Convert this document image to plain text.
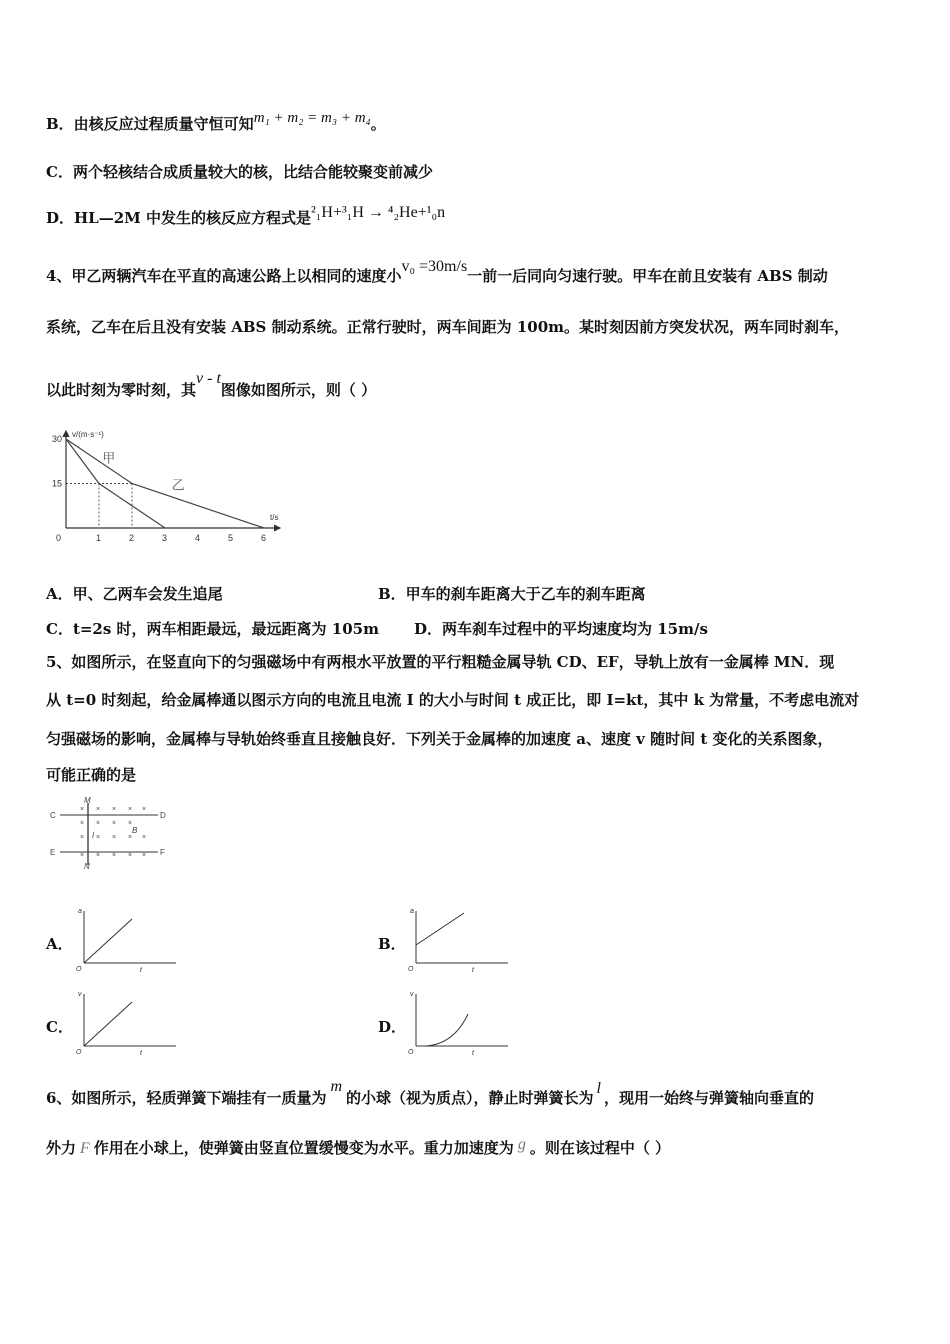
B．由核反应过程质量守恒可知m₁ + m₂ = m₃ + m₄。
C．两个轻核结合成质量较大的核，比结合能较聚变前减少
D．HL—2M 中发生的核反应方程式是²₁H+³₁H → ⁴₂He+¹₀n
4、甲乙两辆汽车在平直的高速公路上以相同的速度小v₀ =30m/s一前一后同向匀速行驶。甲车在前且安装有 ABS 制动
系统，乙车在后且没有安装 ABS 制动系统。正常行驶时，两车间距为 100m。某时刻因前方突发状况，两车同时刹车，
以此时刻为零时刻，其v - t图像如图所示，则（ ）
v/(m·s⁻¹)
t/s
0	1	2	3	4	5	6
15
30
甲
乙
A．甲、乙两车会发生追尾	B．甲车的刹车距离大于乙车的刹车距离
C．t=2s 时，两车相距最远，最远距离为 105m D．两车刹车过程中的平均速度均为 15m/s
5、如图所示，在竖直向下的匀强磁场中有两根水平放置的平行粗糙金属导轨 CD、EF，导轨上放有一金属棒 MN．现
从 t=0 时刻起，给金属棒通以图示方向的电流且电流 I 的大小与时间 t 成正比，即 I=kt，其中 k 为常量，不考虑电流对
匀强磁场的影响，金属棒与导轨始终垂直且接触良好．下列关于金属棒的加速度 a、速度 v 随时间 t 变化的关系图象，
可能正确的是
C	D
E	F
M
N
B
I
× × × × ×
× × × ×
× × × × ×
× × × × ×
A．
a
t
O
B．
a
t
O
C．
v
t
O
D．
v
t
O
6、如图所示，轻质弹簧下端挂有一质量为m的小球（视为质点），静止时弹簧长为l，现用一始终与弹簧轴向垂直的
外力 F 作用在小球上，使弹簧由竖直位置缓慢变为水平。重力加速度为 g 。则在该过程中（ ）
